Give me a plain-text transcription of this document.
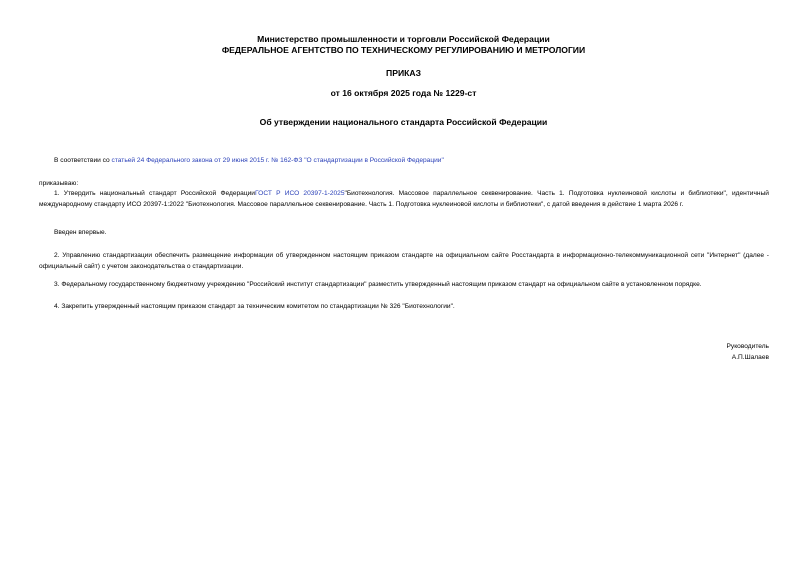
Министерство промышленности и торговли Российской Федерации
ФЕДЕРАЛЬНОЕ АГЕНТСТВО ПО ТЕХНИЧЕСКОМУ РЕГУЛИРОВАНИЮ И МЕТРОЛОГИИ
ПРИКАЗ
от 16 октября 2025 года № 1229-ст
Об утверждении национального стандарта Российской Федерации
В соответствии со статьей 24 Федерального закона от 29 июня 2015 г. № 162-ФЗ "О стандартизации в Российской Федерации"
приказываю:
1. Утвердить национальный стандарт Российской ФедерацииГОСТ Р ИСО 20397-1-2025"Биотехнология. Массовое параллельное секвенирование. Часть 1. Подготовка нуклеиновой кислоты и библиотеки", идентичный международному стандарту ИСО 20397-1:2022 "Биотехнология. Массовое параллельное секвенирование. Часть 1. Подготовка нуклеиновой кислоты и библиотеки", с датой введения в действие 1 марта 2026 г.
Введен впервые.
2. Управлению стандартизации обеспечить размещение информации об утвержденном настоящим приказом стандарте на официальном сайте Росстандарта в информационно-телекоммуникационной сети "Интернет" (далее - официальный сайт) с учетом законодательства о стандартизации.
3. Федеральному государственному бюджетному учреждению "Российский институт стандартизации" разместить утвержденный настоящим приказом стандарт на официальном сайте в установленном порядке.
4. Закрепить утвержденный настоящим приказом стандарт за техническим комитетом по стандартизации № 326 "Биотехнологии".
Руководитель
А.П.Шалаев
